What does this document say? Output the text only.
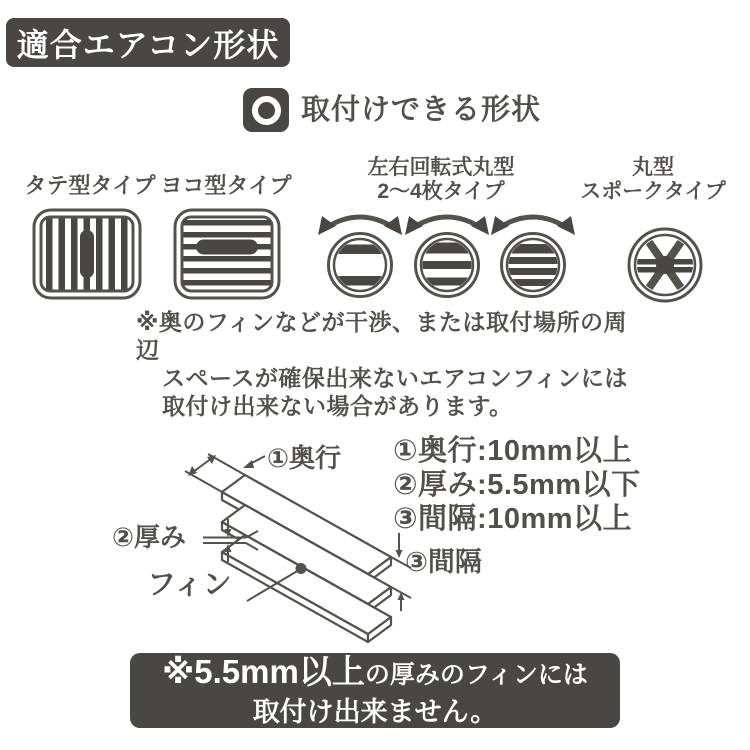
適合エアコン形状
取付けできる形状
タテ型タイプ ヨコ型タイプ
左右回転式丸型
2〜4枚タイプ
丸型
スポークタイプ
※奥のフィンなどが干渉、または取付場所の周辺
スペースが確保出来ないエアコンフィンには
取付け出来ない場合があります。
①奥行
②厚み
フィン
③間隔
①奥行:10mm以上
②厚み:5.5mm以下
③間隔:10mm以上
※5.5mm以上の厚みのフィンには
取付け出来ません。
